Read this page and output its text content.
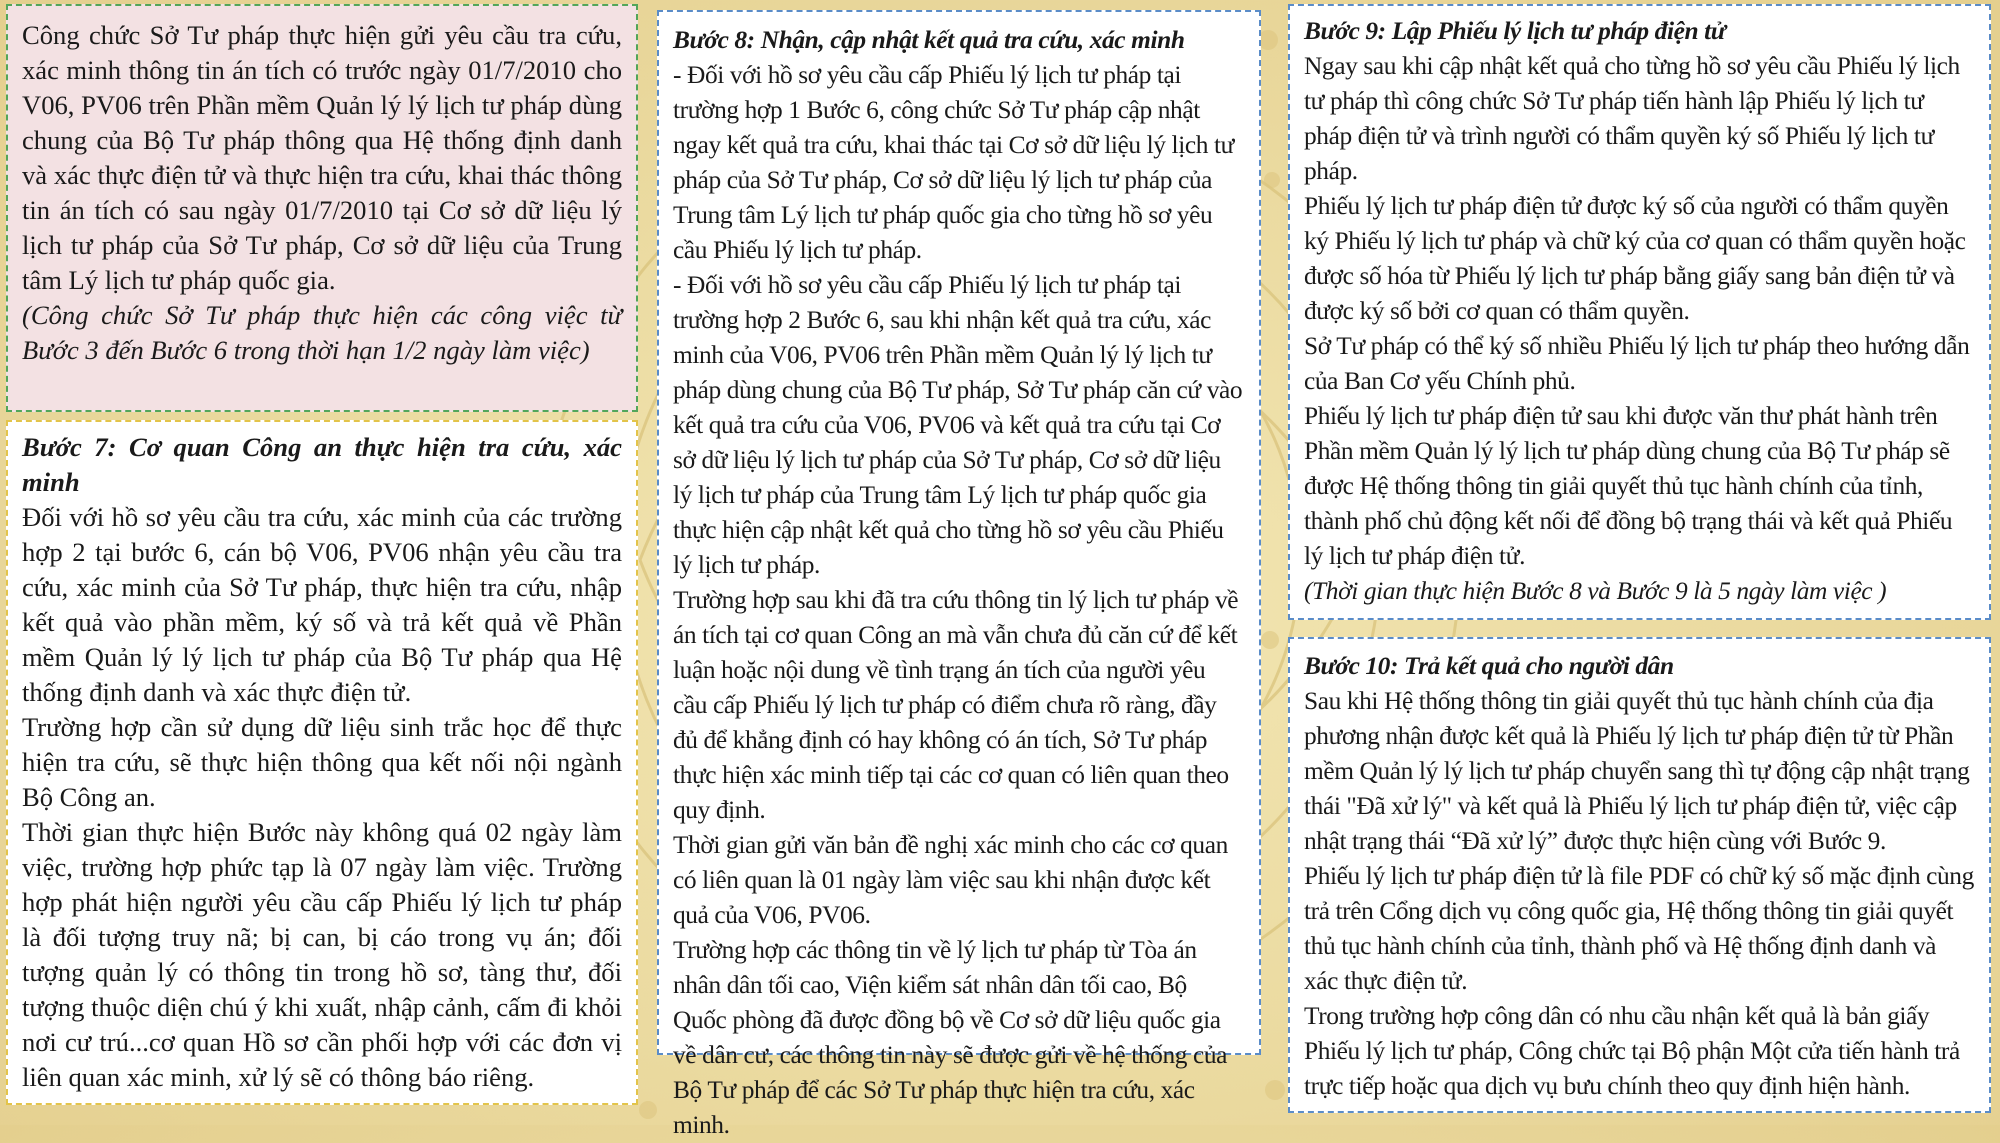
Công chức Sở Tư pháp thực hiện gửi yêu cầu tra cứu, xác minh thông tin án tích có trước ngày 01/7/2010 cho V06, PV06 trên Phần mềm Quản lý lý lịch tư pháp dùng chung của Bộ Tư pháp thông qua Hệ thống định danh và xác thực điện tử và thực hiện tra cứu, khai thác thông tin án tích có sau ngày 01/7/2010 tại Cơ sở dữ liệu lý lịch tư pháp của Sở Tư pháp, Cơ sở dữ liệu của Trung tâm Lý lịch tư pháp quốc gia.

(Công chức Sở Tư pháp thực hiện các công việc từ Bước 3 đến Bước 6 trong thời hạn 1/2 ngày làm việc)

Bước 7: Cơ quan Công an thực hiện tra cứu, xác minh

Đối với hồ sơ yêu cầu tra cứu, xác minh của các trường hợp 2 tại bước 6, cán bộ V06, PV06 nhận yêu cầu tra cứu, xác minh của Sở Tư pháp, thực hiện tra cứu, nhập kết quả vào phần mềm, ký số và trả kết quả về Phần mềm Quản lý lý lịch tư pháp của Bộ Tư pháp qua Hệ thống định danh và xác thực điện tử.

Trường hợp cần sử dụng dữ liệu sinh trắc học để thực hiện tra cứu, sẽ thực hiện thông qua kết nối nội ngành Bộ Công an.

Thời gian thực hiện Bước này không quá 02 ngày làm việc, trường hợp phức tạp là 07 ngày làm việc. Trường hợp phát hiện người yêu cầu cấp Phiếu lý lịch tư pháp là đối tượng truy nã; bị can, bị cáo trong vụ án; đối tượng quản lý có thông tin trong hồ sơ, tàng thư, đối tượng thuộc diện chú ý khi xuất, nhập cảnh, cấm đi khỏi nơi cư trú...cơ quan Hồ sơ cần phối hợp với các đơn vị liên quan xác minh, xử lý sẽ có thông báo riêng.

Bước 8: Nhận, cập nhật kết quả tra cứu, xác minh

- Đối với hồ sơ yêu cầu cấp Phiếu lý lịch tư pháp tại trường hợp 1 Bước 6, công chức Sở Tư pháp cập nhật ngay kết quả tra cứu, khai thác tại Cơ sở dữ liệu lý lịch tư pháp của Sở Tư pháp, Cơ sở dữ liệu lý lịch tư pháp của Trung tâm Lý lịch tư pháp quốc gia cho từng hồ sơ yêu cầu Phiếu lý lịch tư pháp.

- Đối với hồ sơ yêu cầu cấp Phiếu lý lịch tư pháp tại trường hợp 2 Bước 6, sau khi nhận kết quả tra cứu, xác minh của V06, PV06 trên Phần mềm Quản lý lý lịch tư pháp dùng chung của Bộ Tư pháp, Sở Tư pháp căn cứ vào kết quả tra cứu của V06, PV06 và kết quả tra cứu tại Cơ sở dữ liệu lý lịch tư pháp của Sở Tư pháp, Cơ sở dữ liệu lý lịch tư pháp của Trung tâm Lý lịch tư pháp quốc gia thực hiện cập nhật kết quả cho từng hồ sơ yêu cầu Phiếu lý lịch tư pháp.

Trường hợp sau khi đã tra cứu thông tin lý lịch tư pháp về án tích tại cơ quan Công an mà vẫn chưa đủ căn cứ để kết luận hoặc nội dung về tình trạng án tích của người yêu cầu cấp Phiếu lý lịch tư pháp có điểm chưa rõ ràng, đầy đủ để khẳng định có hay không có án tích, Sở Tư pháp thực hiện xác minh tiếp tại các cơ quan có liên quan theo quy định.

Thời gian gửi văn bản đề nghị xác minh cho các cơ quan có liên quan là 01 ngày làm việc sau khi nhận được kết quả của V06, PV06.

Trường hợp các thông tin về lý lịch tư pháp từ Tòa án nhân dân tối cao, Viện kiểm sát nhân dân tối cao, Bộ Quốc phòng đã được đồng bộ về Cơ sở dữ liệu quốc gia về dân cư, các thông tin này sẽ được gửi về hệ thống của Bộ Tư pháp để các Sở Tư pháp thực hiện tra cứu, xác minh.

Bước 9: Lập Phiếu lý lịch tư pháp điện tử

Ngay sau khi cập nhật kết quả cho từng hồ sơ yêu cầu Phiếu lý lịch tư pháp thì công chức Sở Tư pháp tiến hành lập Phiếu lý lịch tư pháp điện tử và trình người có thẩm quyền ký số Phiếu lý lịch tư pháp.

Phiếu lý lịch tư pháp điện tử được ký số của người có thẩm quyền ký Phiếu lý lịch tư pháp và chữ ký của cơ quan có thẩm quyền hoặc được số hóa từ Phiếu lý lịch tư pháp bằng giấy sang bản điện tử và được ký số bởi cơ quan có thẩm quyền.

Sở Tư pháp có thể ký số nhiều Phiếu lý lịch tư pháp theo hướng dẫn của Ban Cơ yếu Chính phủ.

Phiếu lý lịch tư pháp điện tử sau khi được văn thư phát hành trên Phần mềm Quản lý lý lịch tư pháp dùng chung của Bộ Tư pháp sẽ được Hệ thống thông tin giải quyết thủ tục hành chính của tỉnh, thành phố chủ động kết nối để đồng bộ trạng thái và kết quả Phiếu lý lịch tư pháp điện tử.

(Thời gian thực hiện Bước 8 và Bước 9 là 5 ngày làm việc )

Bước 10: Trả kết quả cho người dân

Sau khi Hệ thống thông tin giải quyết thủ tục hành chính của địa phương nhận được kết quả là Phiếu lý lịch tư pháp điện tử từ Phần mềm Quản lý lý lịch tư pháp chuyển sang thì tự động cập nhật trạng thái "Đã xử lý" và kết quả là Phiếu lý lịch tư pháp điện tử, việc cập nhật trạng thái “Đã xử lý” được thực hiện cùng với Bước 9.

Phiếu lý lịch tư pháp điện tử là file PDF có chữ ký số mặc định cùng trả trên Cổng dịch vụ công quốc gia, Hệ thống thông tin giải quyết thủ tục hành chính của tỉnh, thành phố và Hệ thống định danh và xác thực điện tử.

Trong trường hợp công dân có nhu cầu nhận kết quả là bản giấy Phiếu lý lịch tư pháp, Công chức tại Bộ phận Một cửa tiến hành trả trực tiếp hoặc qua dịch vụ bưu chính theo quy định hiện hành.
